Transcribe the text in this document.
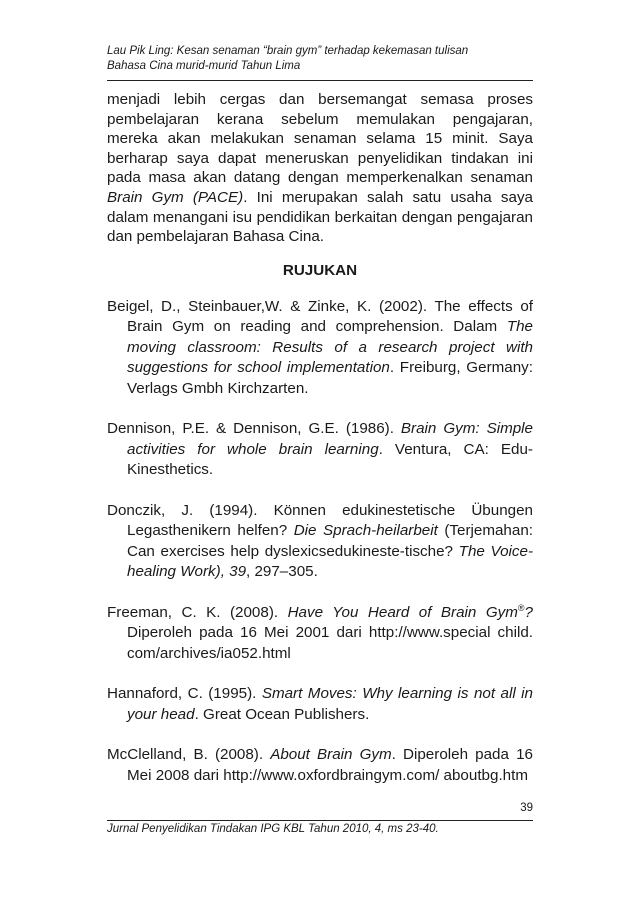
Lau Pik Ling: Kesan senaman “brain gym” terhadap kekemasan tulisan
Bahasa Cina murid-murid Tahun Lima
menjadi lebih cergas dan bersemangat semasa proses pembelajaran kerana sebelum memulakan pengajaran, mereka akan melakukan senaman selama 15 minit. Saya berharap saya dapat meneruskan penyelidikan tindakan ini pada masa akan datang dengan memperkenalkan senaman Brain Gym (PACE). Ini merupakan salah satu usaha saya dalam menangani isu pendidikan berkaitan dengan pengajaran dan pembelajaran Bahasa Cina.
RUJUKAN

Beigel, D., Steinbauer,W. & Zinke, K. (2002). The effects of Brain Gym on reading and comprehension. Dalam The moving classroom: Results of a research project with suggestions for school implementation. Freiburg, Germany: Verlags Gmbh Kirchzarten.

Dennison, P.E. & Dennison, G.E. (1986). Brain Gym: Simple activities for whole brain learning. Ventura, CA: Edu-Kinesthetics.

Donczik, J. (1994). Können edukinestetische Übungen Legasthenikern helfen? Die Sprach-heilarbeit (Terjemahan: Can exercises help dyslexicsedukineste-tische? The Voice-healing Work), 39, 297–305.

Freeman, C. K. (2008). Have You Heard of Brain Gym®? Diperoleh pada 16 Mei 2001 dari http://www.special child. com/archives/ia052.html

Hannaford, C. (1995). Smart Moves: Why learning is not all in your head. Great Ocean Publishers.

McClelland, B. (2008). About Brain Gym. Diperoleh pada 16 Mei 2008 dari http://www.oxfordbraingym.com/ aboutbg.htm

39
Jurnal Penyelidikan Tindakan IPG KBL Tahun 2010, 4, ms 23-40.
